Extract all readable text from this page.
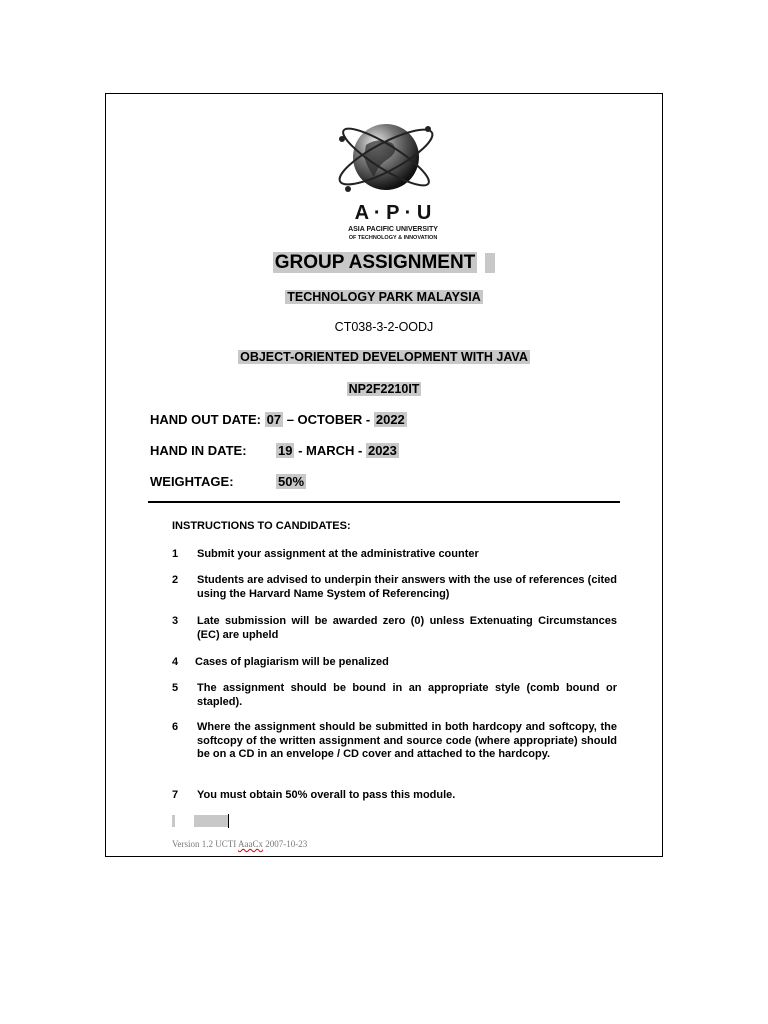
A · P · U
ASIA PACIFIC UNIVERSITY
OF TECHNOLOGY & INNOVATION
GROUP ASSIGNMENT
TECHNOLOGY PARK MALAYSIA
CT038-3-2-OODJ
OBJECT-ORIENTED DEVELOPMENT WITH JAVA
NP2F2210IT
HAND OUT DATE: 07 – OCTOBER - 2022
HAND IN DATE: 19 - MARCH - 2023
WEIGHTAGE:	50%
INSTRUCTIONS TO CANDIDATES:
1	Submit your assignment at the administrative counter
2	Students are advised to underpin their answers with the use of references (cited using the Harvard Name System of Referencing)
3	Late submission will be awarded zero (0) unless Extenuating Circumstances (EC) are upheld
4	Cases of plagiarism will be penalized
5	The assignment should be bound in an appropriate style (comb bound or stapled).
6	Where the assignment should be submitted in both hardcopy and softcopy, the softcopy of the written assignment and source code (where appropriate) should be on a CD in an envelope / CD cover and attached to the hardcopy.
7	You must obtain 50% overall to pass this module.
Version 1.2 UCTI AaaCx 2007-10-23
